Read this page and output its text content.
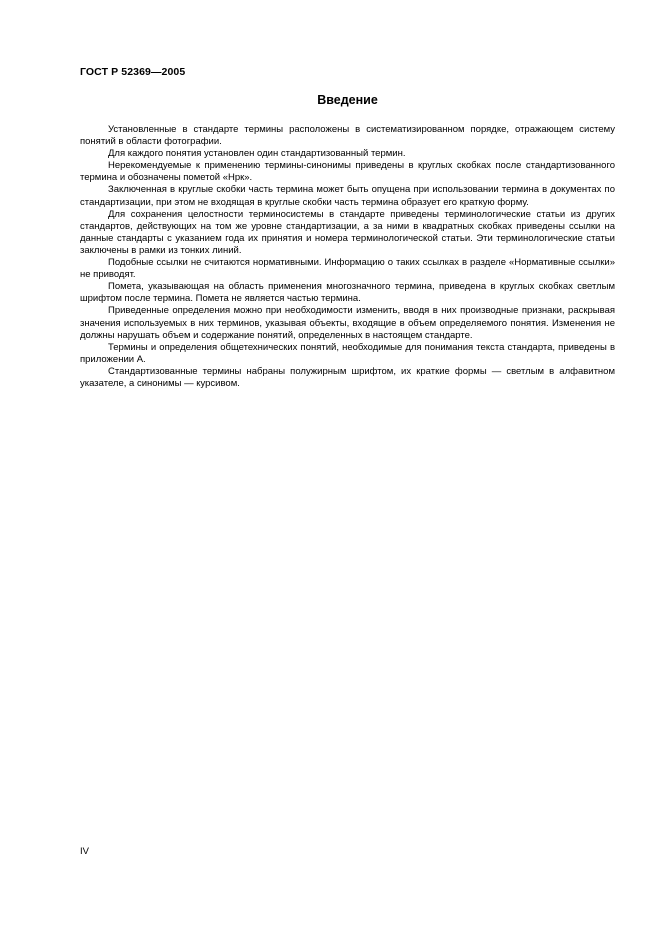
ГОСТ Р 52369—2005
Введение

Установленные в стандарте термины расположены в систематизированном порядке, отражающем систему понятий в области фотографии.

Для каждого понятия установлен один стандартизованный термин.

Нерекомендуемые к применению термины-синонимы приведены в круглых скобках после стандартизованного термина и обозначены пометой «Нрк».

Заключенная в круглые скобки часть термина может быть опущена при использовании термина в документах по стандартизации, при этом не входящая в круглые скобки часть термина образует его краткую форму.

Для сохранения целостности терминосистемы в стандарте приведены терминологические статьи из других стандартов, действующих на том же уровне стандартизации, а за ними в квадратных скобках приведены ссылки на данные стандарты с указанием года их принятия и номера терминологической статьи. Эти терминологические статьи заключены в рамки из тонких линий.

Подобные ссылки не считаются нормативными. Информацию о таких ссылках в разделе «Нормативные ссылки» не приводят.

Помета, указывающая на область применения многозначного термина, приведена в круглых скобках светлым шрифтом после термина. Помета не является частью термина.

Приведенные определения можно при необходимости изменить, вводя в них производные признаки, раскрывая значения используемых в них терминов, указывая объекты, входящие в объем определяемого понятия. Изменения не должны нарушать объем и содержание понятий, определенных в настоящем стандарте.

Термины и определения общетехнических понятий, необходимые для понимания текста стандарта, приведены в приложении А.

Стандартизованные термины набраны полужирным шрифтом, их краткие формы — светлым в алфавитном указателе, а синонимы — курсивом.

IV
